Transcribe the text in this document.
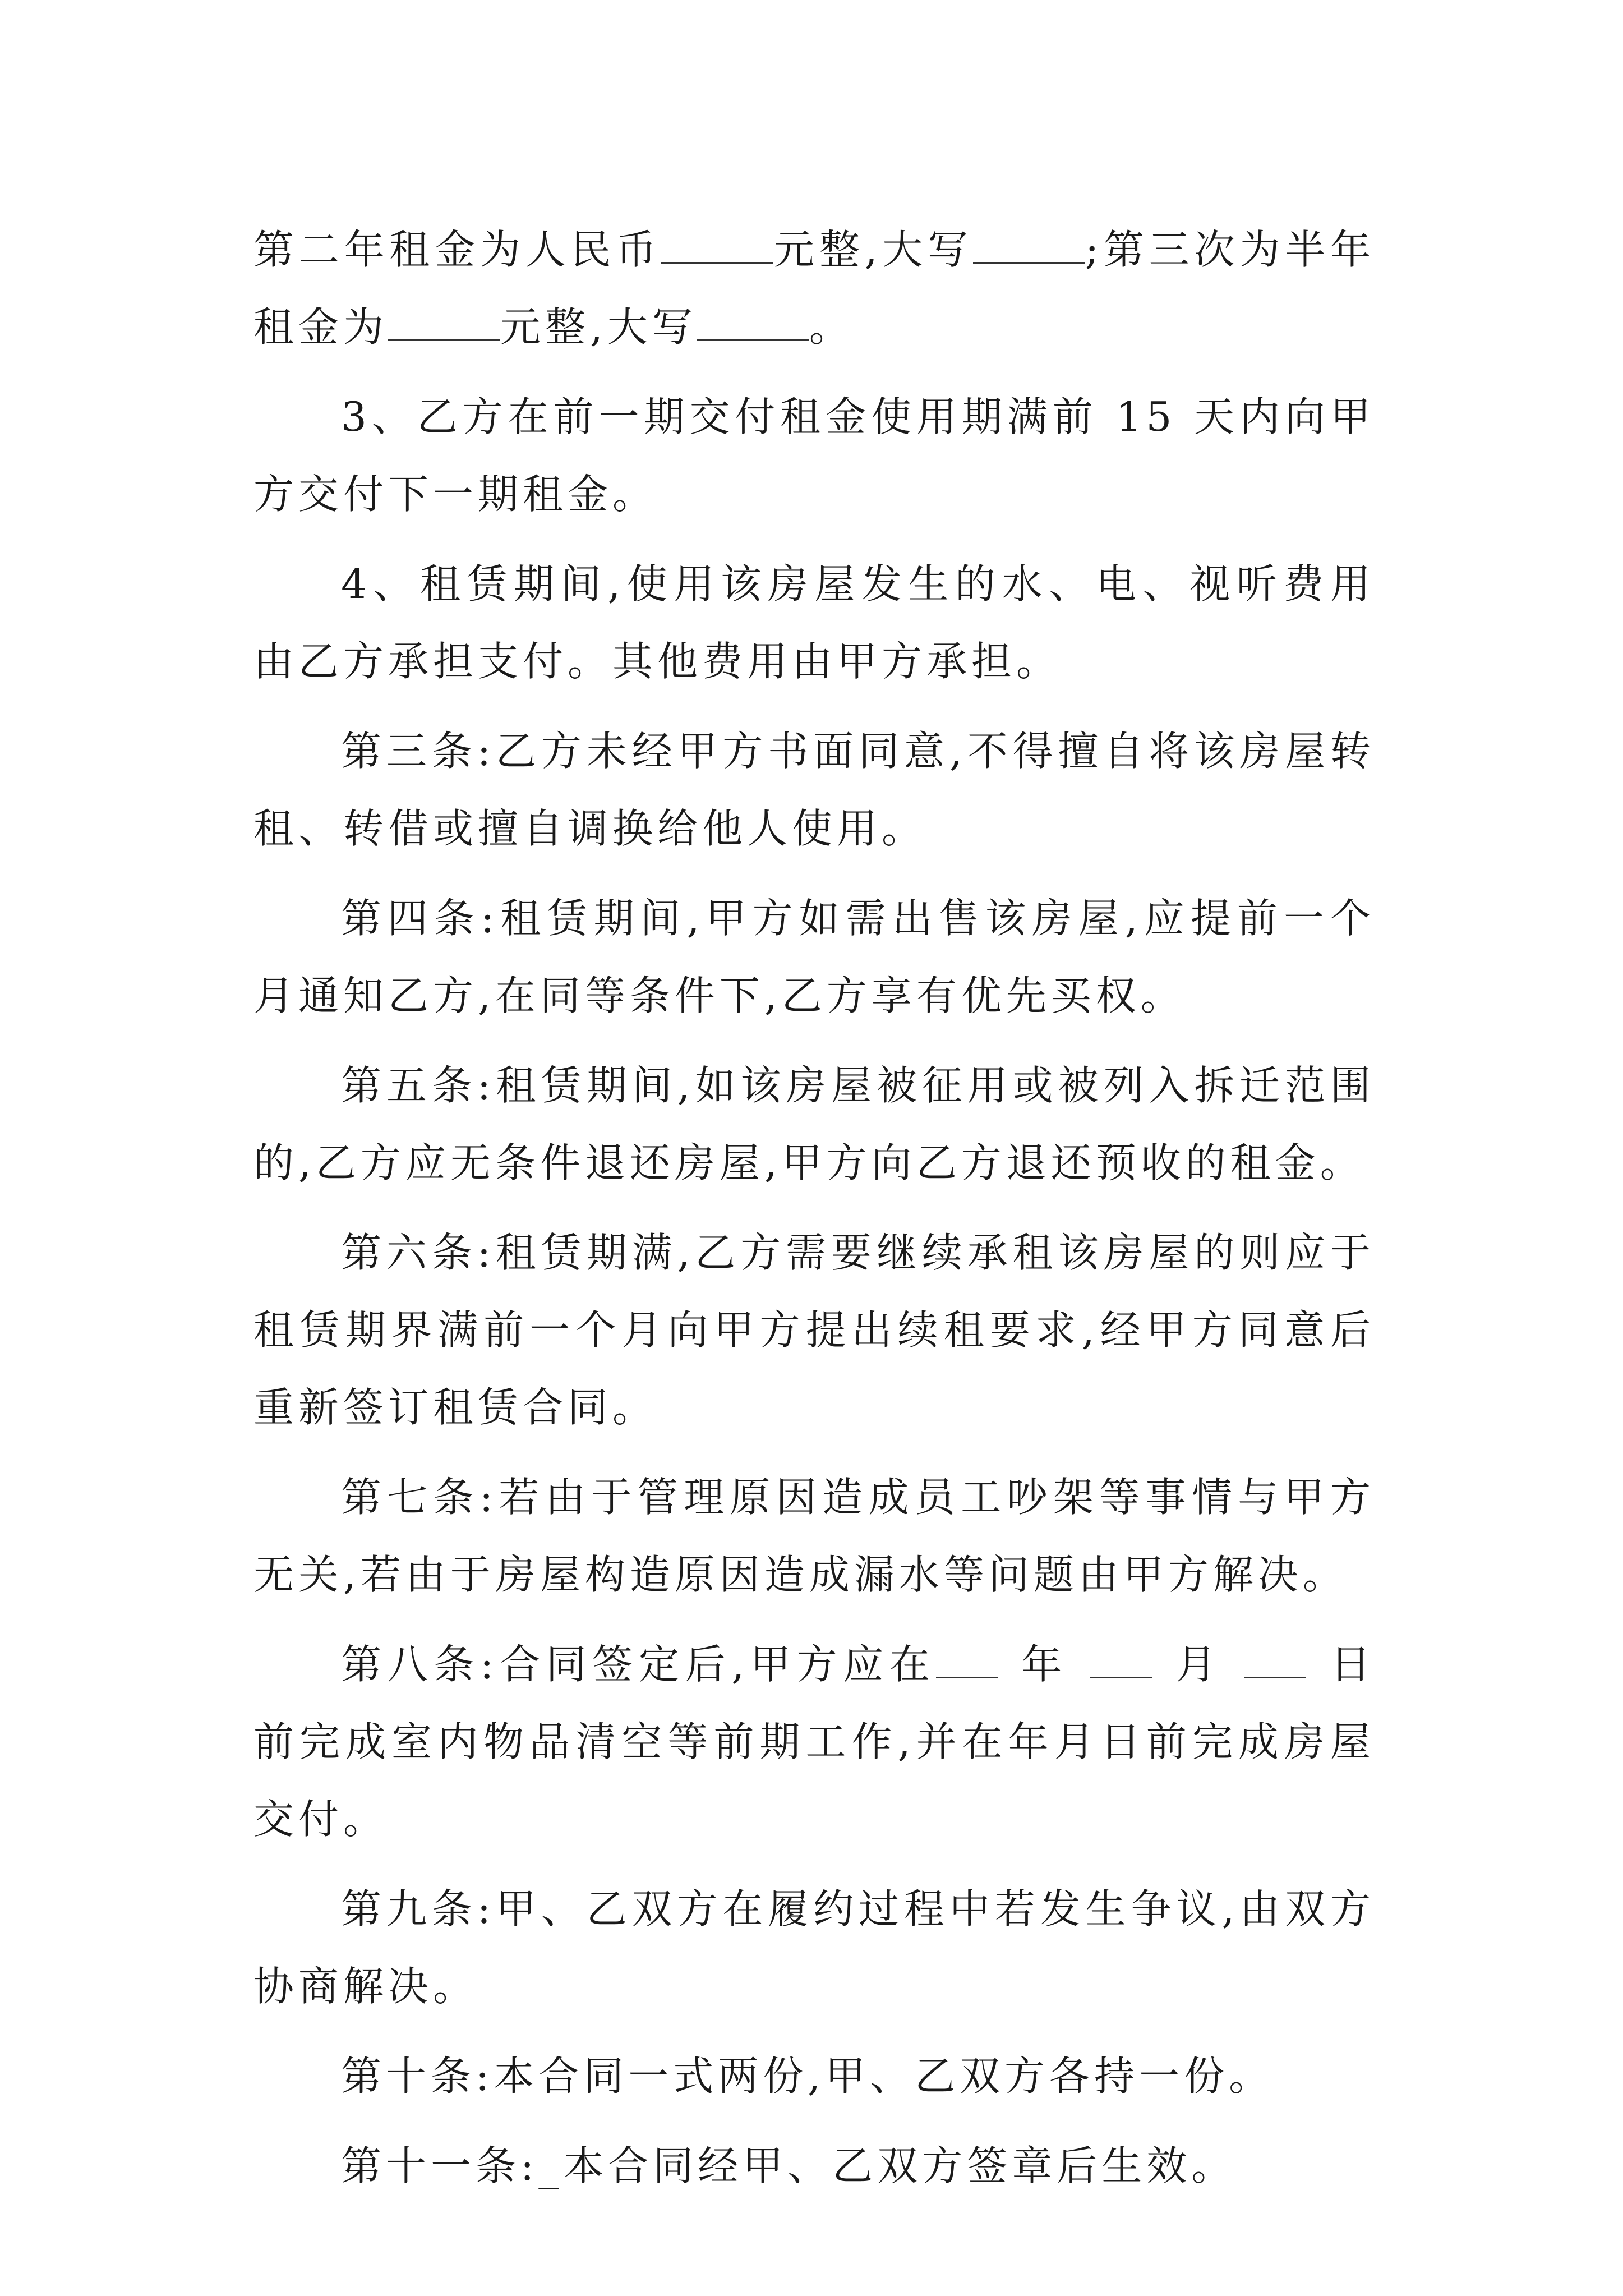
第二年租金为人民币	元整,大写	;第三次为半年租金为	元整,大写	。

3、乙方在前一期交付租金使用期满前 15 天内向甲方交付下一期租金。

4、租赁期间,使用该房屋发生的水、电、视听费用由乙方承担支付。其他费用由甲方承担。

第三条:乙方未经甲方书面同意,不得擅自将该房屋转租、转借或擅自调换给他人使用。

第四条:租赁期间,甲方如需出售该房屋,应提前一个月通知乙方,在同等条件下,乙方享有优先买权。

第五条:租赁期间,如该房屋被征用或被列入拆迁范围的,乙方应无条件退还房屋,甲方向乙方退还预收的租金。

第六条:租赁期满,乙方需要继续承租该房屋的则应于租赁期界满前一个月向甲方提出续租要求,经甲方同意后重新签订租赁合同。

第七条:若由于管理原因造成员工吵架等事情与甲方无关,若由于房屋构造原因造成漏水等问题由甲方解决。

第八条:合同签定后,甲方应在 年	月	日前完成室内物品清空等前期工作,并在年月日前完成房屋交付。

第九条:甲、乙双方在履约过程中若发生争议,由双方协商解决。

第十条:本合同一式两份,甲、乙双方各持一份。

第十一条:_本合同经甲、乙双方签章后生效。
